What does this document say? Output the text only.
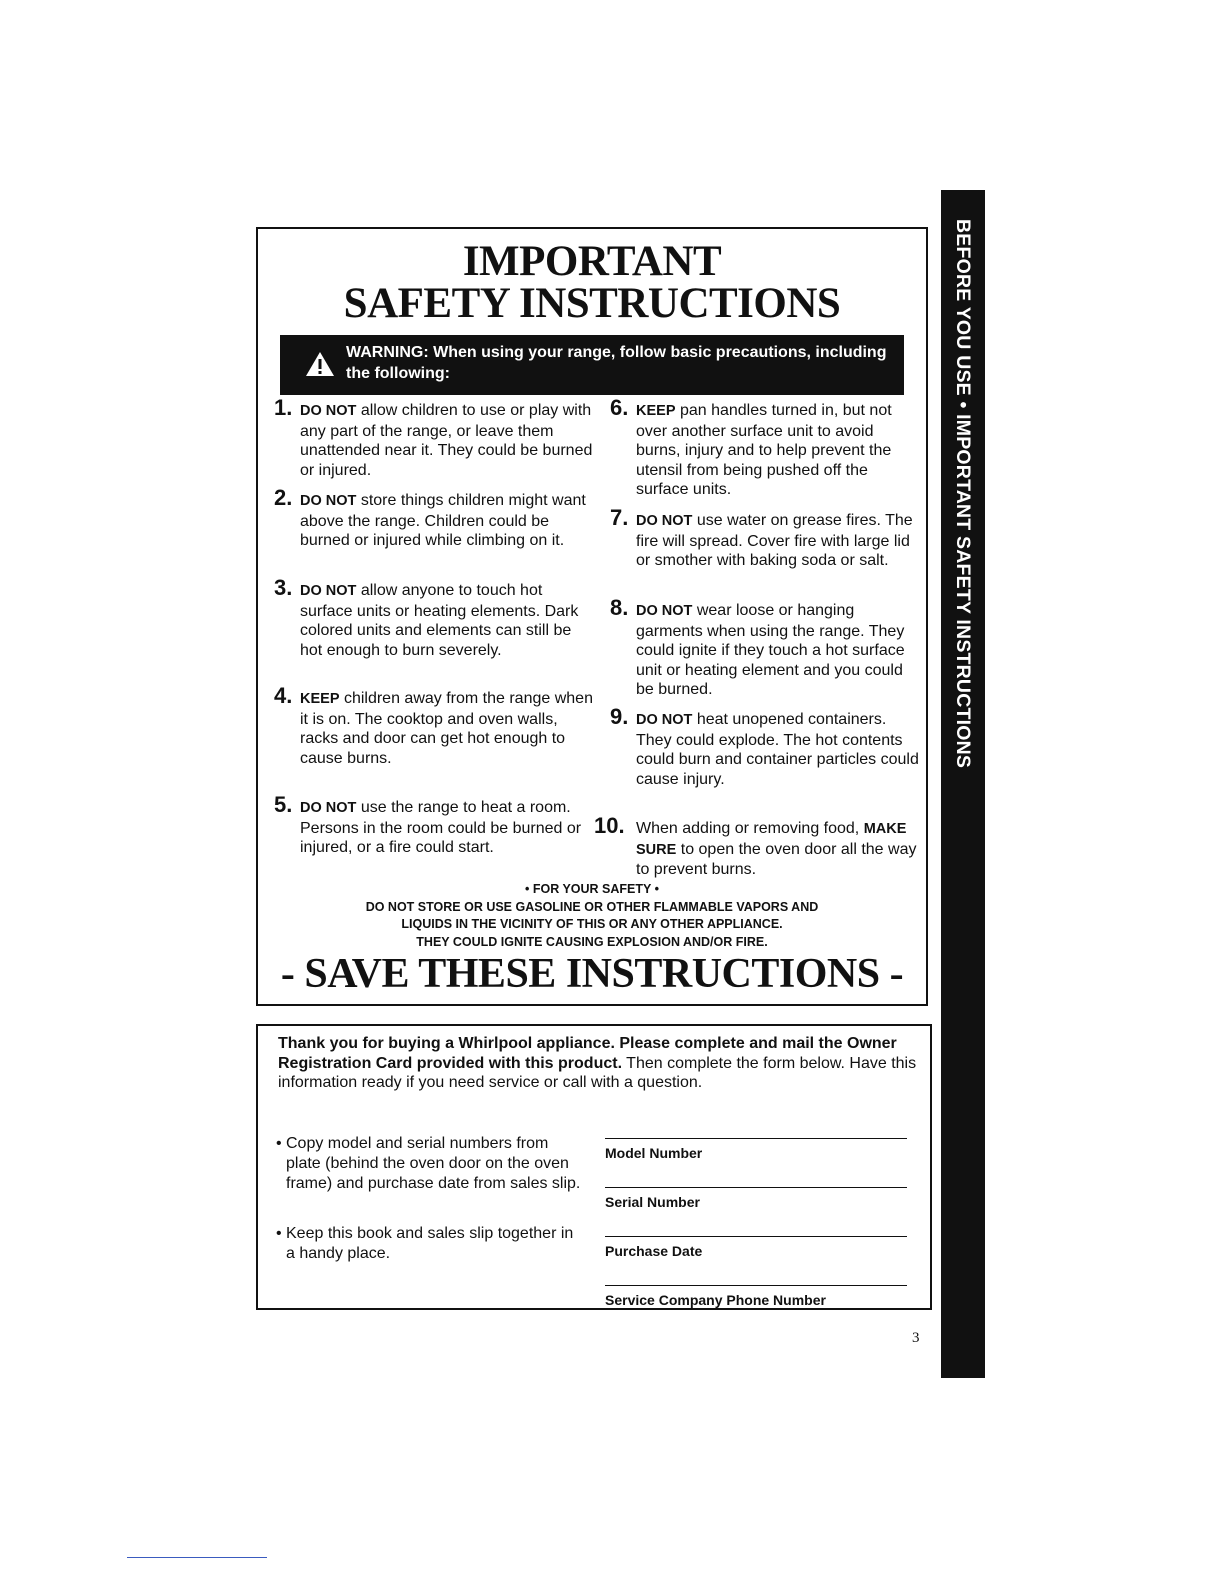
IMPORTANT
SAFETY INSTRUCTIONS
WARNING: When using your range, follow basic precautions, including the following:
1. DO NOT allow children to use or play with any part of the range, or leave them unattended near it. They could be burned or injured.
2. DO NOT store things children might want above the range. Children could be burned or injured while climbing on it.
3. DO NOT allow anyone to touch hot surface units or heating elements. Dark colored units and elements can still be hot enough to burn severely.
4. KEEP children away from the range when it is on. The cooktop and oven walls, racks and door can get hot enough to cause burns.
5. DO NOT use the range to heat a room. Persons in the room could be burned or injured, or a fire could start.
6. KEEP pan handles turned in, but not over another surface unit to avoid burns, injury and to help prevent the utensil from being pushed off the surface units.
7. DO NOT use water on grease fires. The fire will spread. Cover fire with large lid or smother with baking soda or salt.
8. DO NOT wear loose or hanging garments when using the range. They could ignite if they touch a hot surface unit or heating element and you could be burned.
9. DO NOT heat unopened containers. They could explode. The hot contents could burn and container particles could cause injury.
10. When adding or removing food, MAKE SURE to open the oven door all the way to prevent burns.
• FOR YOUR SAFETY •
DO NOT STORE OR USE GASOLINE OR OTHER FLAMMABLE VAPORS AND
LIQUIDS IN THE VICINITY OF THIS OR ANY OTHER APPLIANCE.
THEY COULD IGNITE CAUSING EXPLOSION AND/OR FIRE.
- SAVE THESE INSTRUCTIONS -
Thank you for buying a Whirlpool appliance. Please complete and mail the Owner Registration Card provided with this product. Then complete the form below. Have this information ready if you need service or call with a question.
• Copy model and serial numbers from plate (behind the oven door on the oven frame) and purchase date from sales slip.
• Keep this book and sales slip together in a handy place.
Model Number
Serial Number
Purchase Date
Service Company Phone Number
BEFORE YOU USE • IMPORTANT SAFETY INSTRUCTIONS
3
